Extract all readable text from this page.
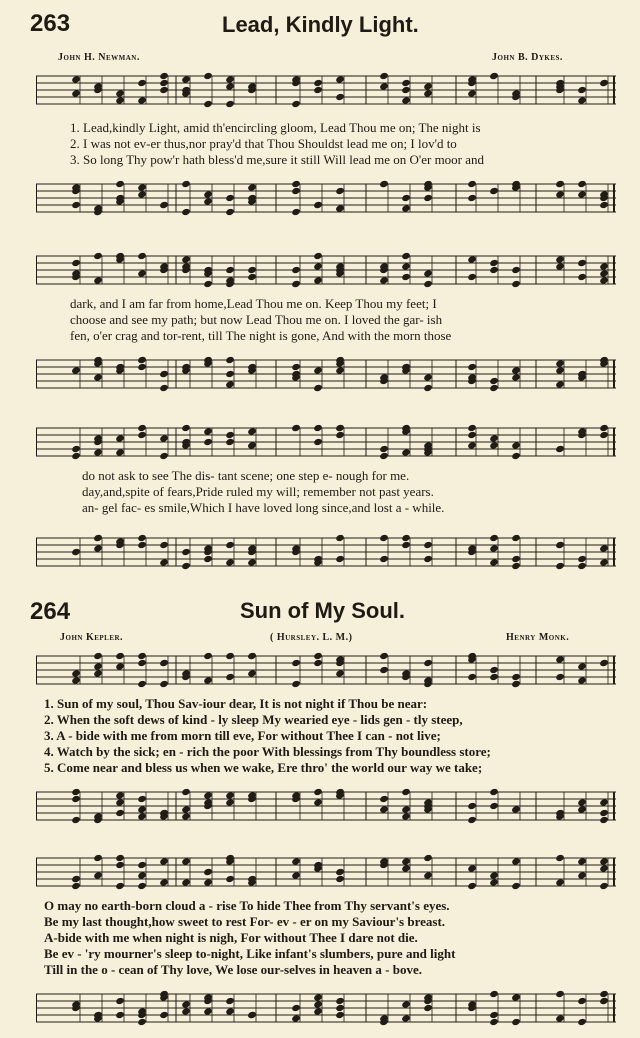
263	Lead, Kindly Light.
John H. Newman.	John B. Dykes.
1. Lead,kindly Light, amid th'encircling gloom, Lead Thou me on; The night is
2. I was not ev-er thus,nor pray'd that Thou Shouldst lead me on; I lov'd to
3. So long Thy pow'r hath bless'd me,sure it still Will lead me on O'er moor and
dark, and I am far from home,Lead Thou me on. Keep Thou my feet; I
choose and see my path; but now Lead Thou me on. I loved the gar- ish
fen, o'er crag and tor-rent, till The night is gone, And with the morn those
do not ask to see The dis- tant scene; one step e- nough for me.
day,and,spite of fears,Pride ruled my will; remember not past years.
an- gel fac- es smile,Which I have loved long since,and lost a - while.
264	Sun of My Soul.
John Kepler.	( Hursley. L. M.)	Henry Monk.
1. Sun of my soul, Thou Sav-iour dear, It is not night if Thou be near:
2. When the soft dews of kind - ly sleep My wearied eye - lids gen - tly steep,
3. A - bide with me from morn till eve, For without Thee I can - not live;
4. Watch by the sick; en - rich the poor With blessings from Thy boundless store;
5. Come near and bless us when we wake, Ere thro' the world our way we take;
O may no earth-born cloud a - rise To hide Thee from Thy servant's eyes.
Be my last thought,how sweet to rest For- ev - er on my Saviour's breast.
A-bide with me when night is nigh, For without Thee I dare not die.
Be ev - 'ry mourner's sleep to-night, Like infant's slumbers, pure and light
Till in the o - cean of Thy love, We lose our-selves in heaven a - bove.
